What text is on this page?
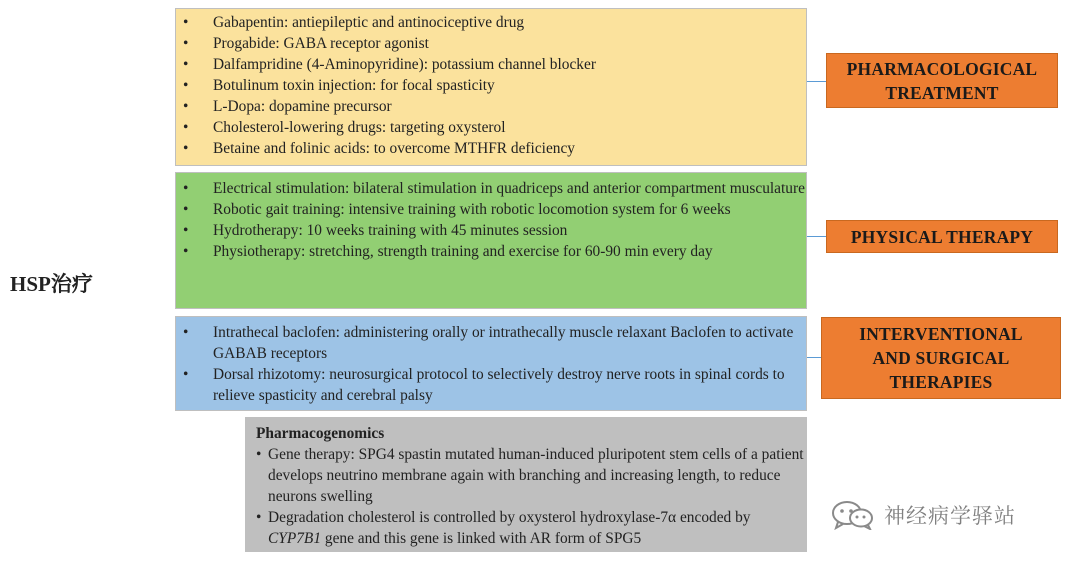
HSP治疗
• Gabapentin: antiepileptic and antinociceptive drug
• Progabide: GABA receptor agonist
• Dalfampridine (4-Aminopyridine): potassium channel blocker
• Botulinum toxin injection: for focal spasticity
• L-Dopa: dopamine precursor
• Cholesterol-lowering drugs: targeting oxysterol
• Betaine and folinic acids: to overcome MTHFR deficiency
PHARMACOLOGICAL TREATMENT
• Electrical stimulation: bilateral stimulation in quadriceps and anterior compartment musculature
• Robotic gait training: intensive training with robotic locomotion system for 6 weeks
• Hydrotherapy: 10 weeks training with 45 minutes session
• Physiotherapy: stretching, strength training and exercise for 60-90 min every day
PHYSICAL THERAPY
• Intrathecal baclofen: administering orally or intrathecally muscle relaxant Baclofen to activate GABAB receptors
• Dorsal rhizotomy: neurosurgical protocol to selectively destroy nerve roots in spinal cords to relieve spasticity and cerebral palsy
INTERVENTIONAL AND SURGICAL THERAPIES
Pharmacogenomics
• Gene therapy: SPG4 spastin mutated human-induced pluripotent stem cells of a patient develops neutrino membrane again with branching and increasing length, to reduce neurons swelling
• Degradation cholesterol is controlled by oxysterol hydroxylase-7α encoded by CYP7B1 gene and this gene is linked with AR form of SPG5
神经病学驿站
